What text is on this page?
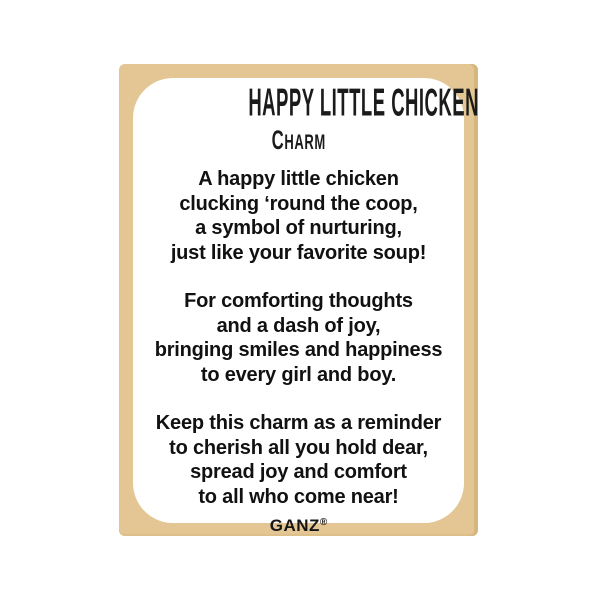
HAPPY LITTLE CHICKEN
CHARM
A happy little chicken
clucking ‘round the coop,
a symbol of nurturing,
just like your favorite soup!
For comforting thoughts
and a dash of joy,
bringing smiles and happiness
to every girl and boy.
Keep this charm as a reminder
to cherish all you hold dear,
spread joy and comfort
to all who come near!
GANZ®
